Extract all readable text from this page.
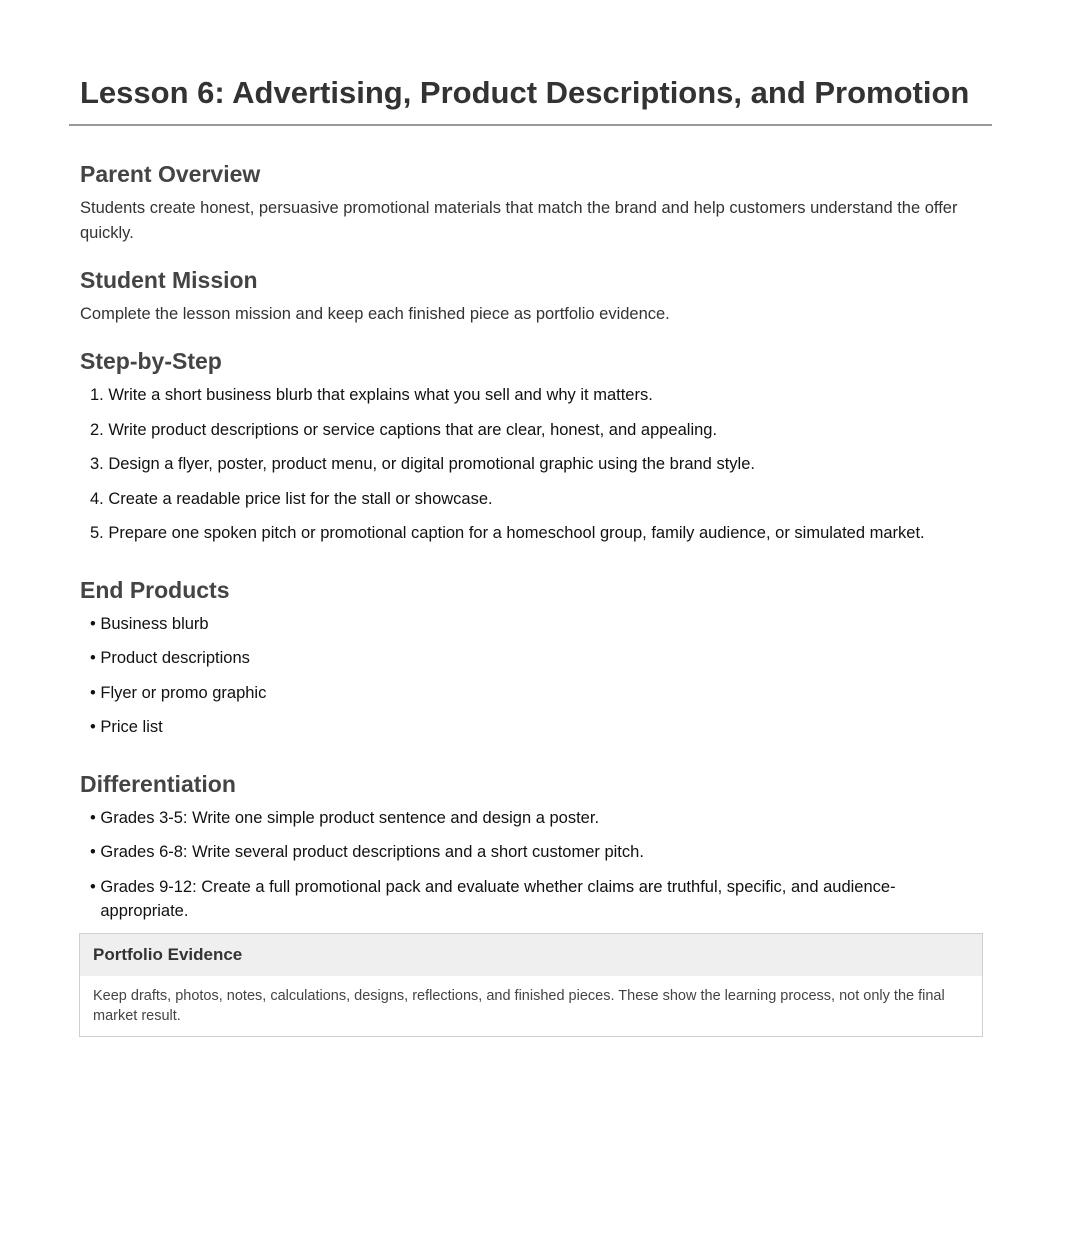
Lesson 6: Advertising, Product Descriptions, and Promotion
Parent Overview

Students create honest, persuasive promotional materials that match the brand and help customers understand the offer quickly.

Student Mission

Complete the lesson mission and keep each finished piece as portfolio evidence.

Step-by-Step
1. Write a short business blurb that explains what you sell and why it matters.
2. Write product descriptions or service captions that are clear, honest, and appealing.
3. Design a flyer, poster, product menu, or digital promotional graphic using the brand style.
4. Create a readable price list for the stall or showcase.
5. Prepare one spoken pitch or promotional caption for a homeschool group, family audience, or simulated market.
End Products
• Business blurb
• Product descriptions
• Flyer or promo graphic
• Price list
Differentiation
•
Grades 3-5: Write one simple product sentence and design a poster.
•
Grades 6-8: Write several product descriptions and a short customer pitch.
•
Grades 9-12: Create a full promotional pack and evaluate whether claims are truthful, specific, and audience-appropriate.
Portfolio Evidence
Keep drafts, photos, notes, calculations, designs, reflections, and finished pieces. These show the learning process, not only the final market result.
